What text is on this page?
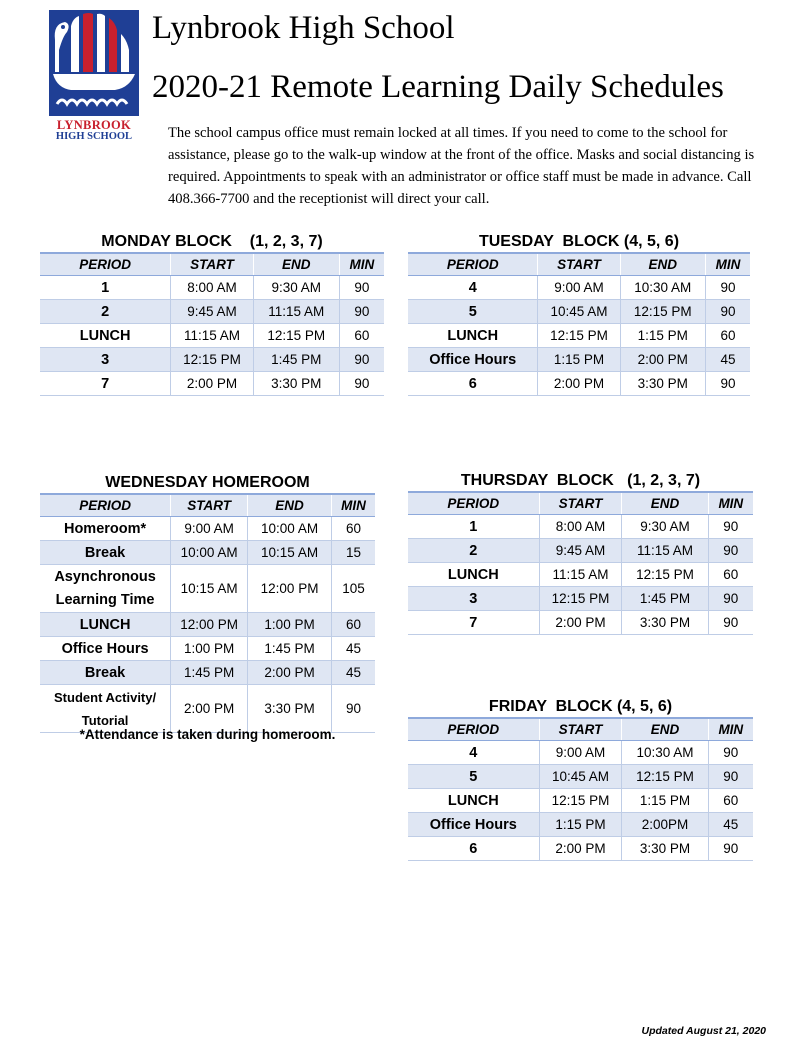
LYNBROOK
HIGH SCHOOL
Lynbrook High School
2020-21 Remote Learning Daily Schedules

The school campus office must remain locked at all times. If you need to come to the school for assistance, please go to the walk-up window at the front of the office. Masks and social distancing is required. Appointments to speak with an administrator or office staff must be made in advance. Call 408.366-7700 and the receptionist will direct your call.

MONDAY BLOCK    (1, 2, 3, 7)
PERIOD	START	END	MIN
1	8:00 AM	9:30 AM	90
2	9:45 AM	11:15 AM	90
LUNCH	11:15 AM	12:15 PM	60
3	12:15 PM	1:45 PM	90
7	2:00 PM	3:30 PM	90
TUESDAY  BLOCK (4, 5, 6)
PERIOD	START	END	MIN
4	9:00 AM	10:30 AM	90
5	10:45 AM	12:15 PM	90
LUNCH	12:15 PM	1:15 PM	60
Office Hours	1:15 PM	2:00 PM	45
6	2:00 PM	3:30 PM	90
WEDNESDAY HOMEROOM
PERIOD	START	END	MIN
Homeroom*	9:00 AM	10:00 AM	60
Break	10:00 AM	10:15 AM	15
Asynchronous Learning Time	10:15 AM	12:00 PM	105
LUNCH	12:00 PM	1:00 PM	60
Office Hours	1:00 PM	1:45 PM	45
Break	1:45 PM	2:00 PM	45
Student Activity/ Tutorial	2:00 PM	3:30 PM	90
*Attendance is taken during homeroom.
THURSDAY  BLOCK   (1, 2, 3, 7)
PERIOD	START	END	MIN
1	8:00 AM	9:30 AM	90
2	9:45 AM	11:15 AM	90
LUNCH	11:15 AM	12:15 PM	60
3	12:15 PM	1:45 PM	90
7	2:00 PM	3:30 PM	90
FRIDAY  BLOCK (4, 5, 6)
PERIOD	START	END	MIN
4	9:00 AM	10:30 AM	90
5	10:45 AM	12:15 PM	90
LUNCH	12:15 PM	1:15 PM	60
Office Hours	1:15 PM	2:00PM	45
6	2:00 PM	3:30 PM	90
Updated August 21, 2020
